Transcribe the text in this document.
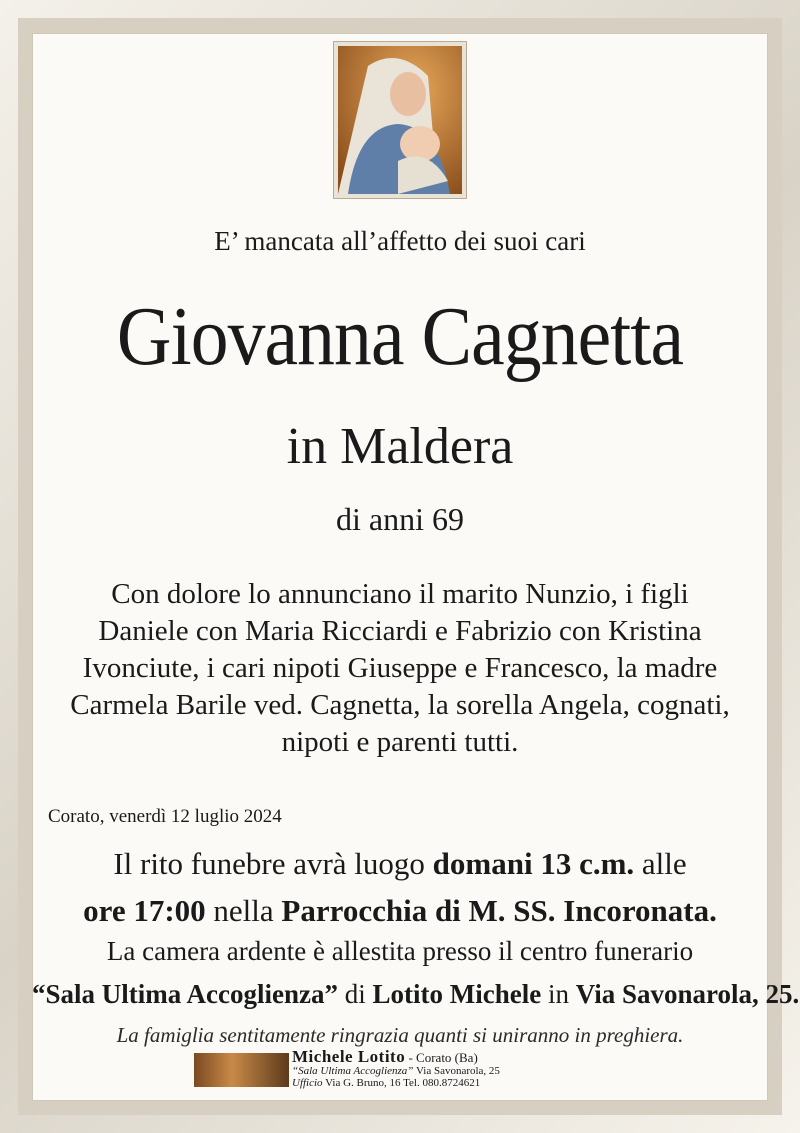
E’ mancata all’affetto dei suoi cari
Giovanna Cagnetta
in Maldera
di anni 69
Con dolore lo annunciano il marito Nunzio, i figli
Daniele con Maria Ricciardi e Fabrizio con Kristina
Ivonciute, i cari nipoti Giuseppe e Francesco, la madre
Carmela Barile ved. Cagnetta, la sorella Angela, cognati,
nipoti e parenti tutti.
Corato, venerdì 12 luglio 2024
Il rito funebre avrà luogo domani 13 c.m. alle
ore 17:00 nella Parrocchia di M. SS. Incoronata.
La camera ardente è allestita presso il centro funerario
“Sala Ultima Accoglienza” di Lotito Michele in Via Savonarola, 25.
La famiglia sentitamente ringrazia quanti si uniranno in preghiera.
Michele Lotito - Corato (Ba)
“Sala Ultima Accoglienza” Via Savonarola, 25
Ufficio Via G. Bruno, 16 Tel. 080.8724621
